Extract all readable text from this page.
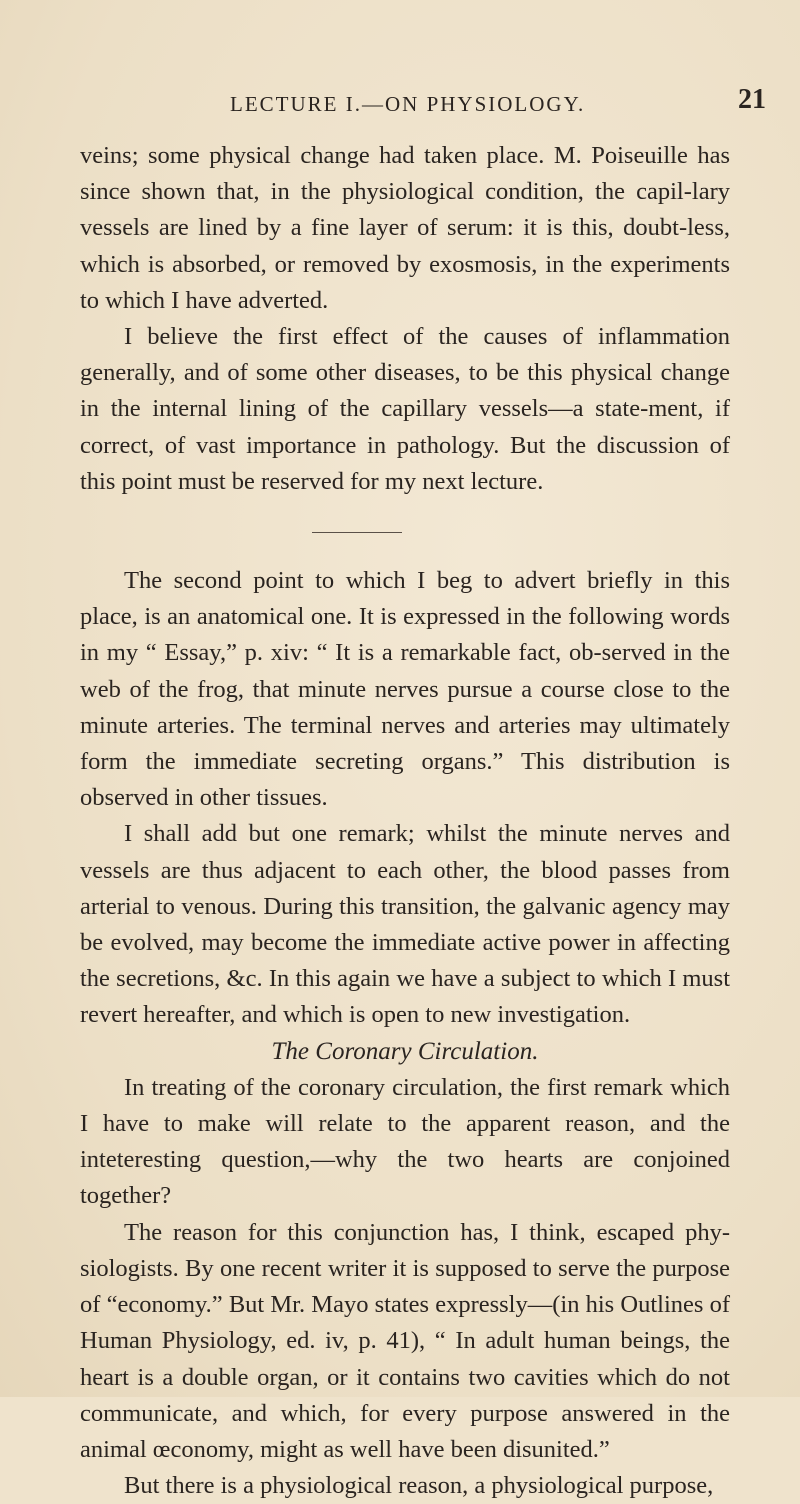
LECTURE I.—ON PHYSIOLOGY.	21

veins; some physical change had taken place. M. Poiseuille has since shown that, in the physiological condition, the capil-lary vessels are lined by a fine layer of serum: it is this, doubt-less, which is absorbed, or removed by exosmosis, in the experiments to which I have adverted.

I believe the first effect of the causes of inflammation generally, and of some other diseases, to be this physical change in the internal lining of the capillary vessels—a state-ment, if correct, of vast importance in pathology. But the discussion of this point must be reserved for my next lecture.

The second point to which I beg to advert briefly in this place, is an anatomical one. It is expressed in the following words in my “ Essay,” p. xiv: “ It is a remarkable fact, ob-served in the web of the frog, that minute nerves pursue a course close to the minute arteries. The terminal nerves and arteries may ultimately form the immediate secreting organs.” This distribution is observed in other tissues.

I shall add but one remark; whilst the minute nerves and vessels are thus adjacent to each other, the blood passes from arterial to venous. During this transition, the galvanic agency may be evolved, may become the immediate active power in affecting the secretions, &c. In this again we have a subject to which I must revert hereafter, and which is open to new investigation.

The Coronary Circulation.

In treating of the coronary circulation, the first remark which I have to make will relate to the apparent reason, and the inteteresting question,—why the two hearts are conjoined together?

The reason for this conjunction has, I think, escaped phy-siologists. By one recent writer it is supposed to serve the purpose of “economy.” But Mr. Mayo states expressly—(in his Outlines of Human Physiology, ed. iv, p. 41), “ In adult human beings, the heart is a double organ, or it contains two cavities which do not communicate, and which, for every purpose answered in the animal œconomy, might as well have been disunited.”

But there is a physiological reason, a physiological purpose,
